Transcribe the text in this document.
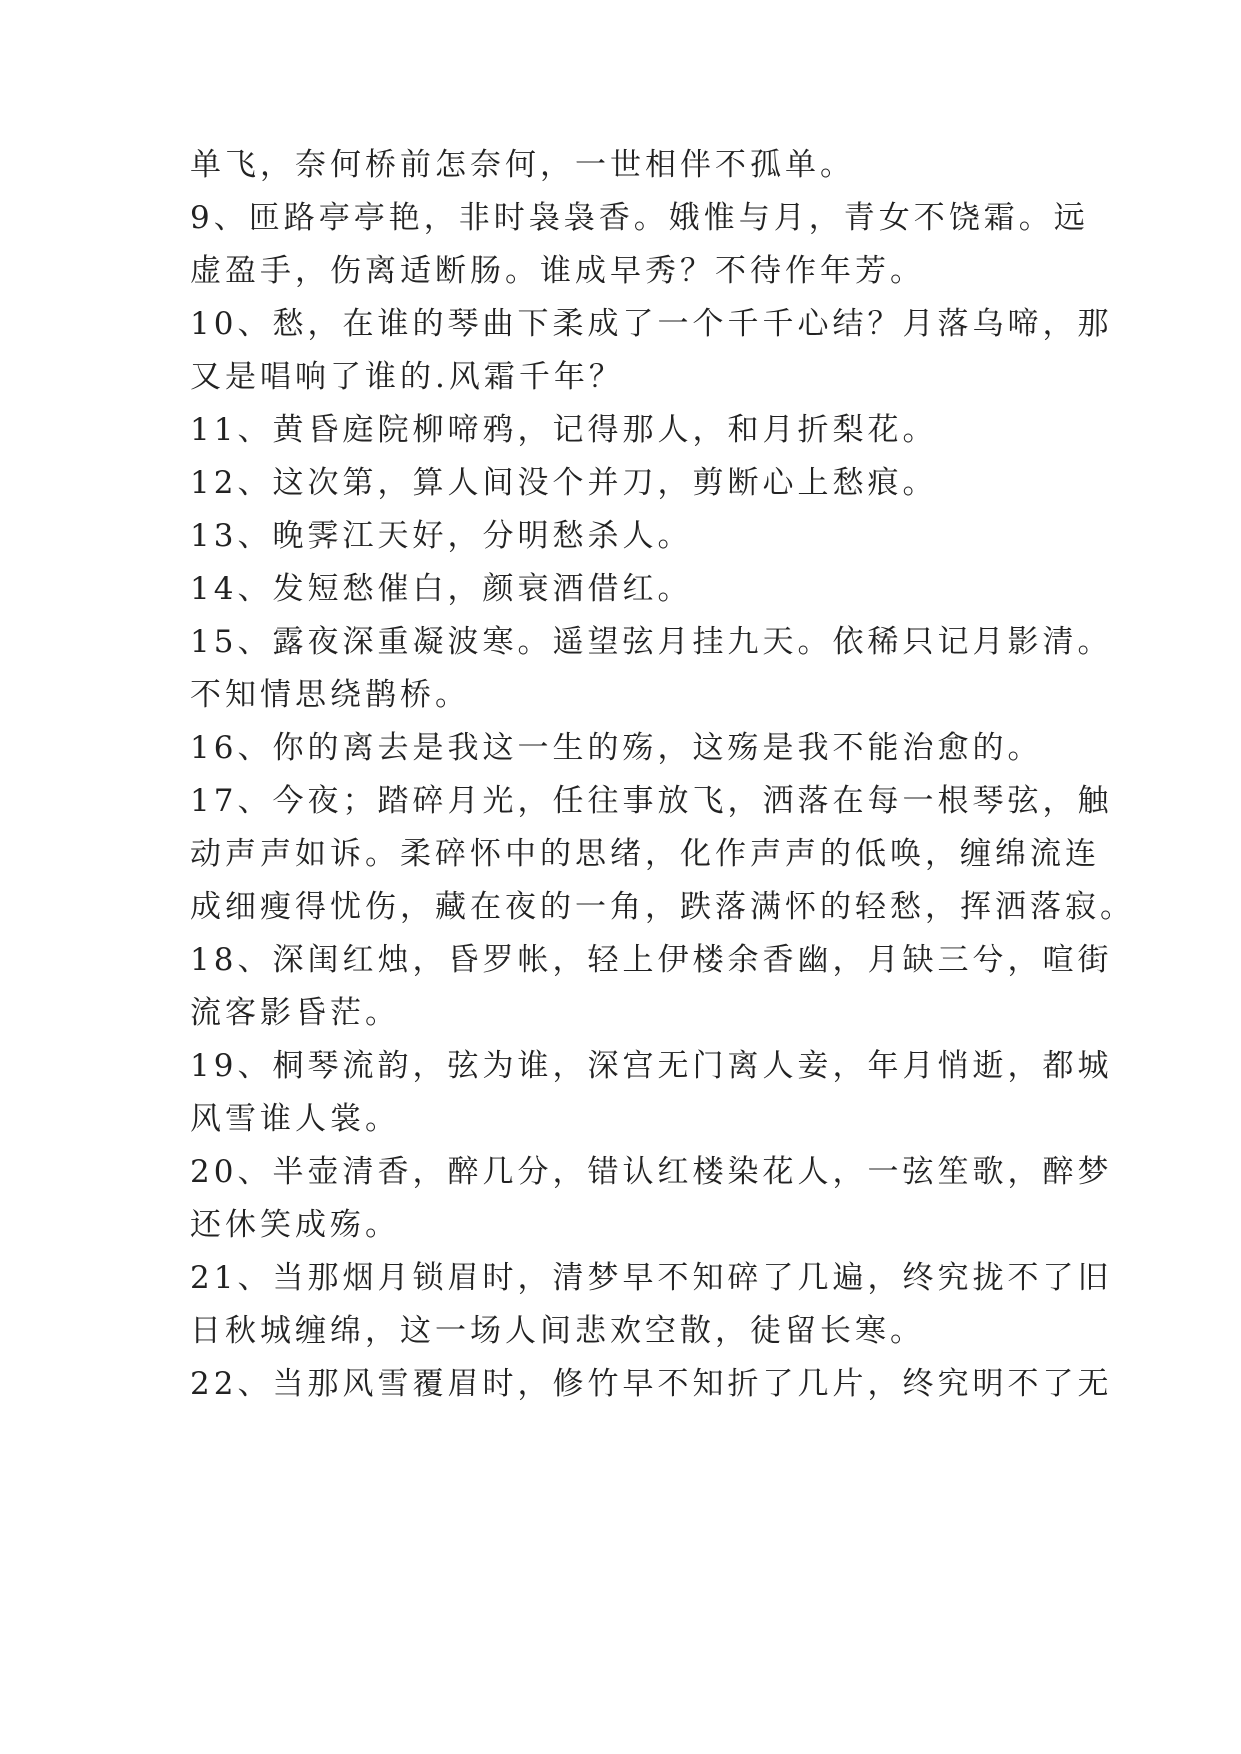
单飞，奈何桥前怎奈何，一世相伴不孤单。
9、匝路亭亭艳，非时袅袅香。娥惟与月，青女不饶霜。远
虚盈手，伤离适断肠。谁成早秀？不待作年芳。
10、愁，在谁的琴曲下柔成了一个千千心结？月落乌啼，那
又是唱响了谁的.风霜千年？
11、黄昏庭院柳啼鸦，记得那人，和月折梨花。
12、这次第，算人间没个并刀，剪断心上愁痕。
13、晚霁江天好，分明愁杀人。
14、发短愁催白，颜衰酒借红。
15、露夜深重凝波寒。遥望弦月挂九天。依稀只记月影清。
不知情思绕鹊桥。
16、你的离去是我这一生的殇，这殇是我不能治愈的。
17、今夜；踏碎月光，任往事放飞，洒落在每一根琴弦，触
动声声如诉。柔碎怀中的思绪，化作声声的低唤，缠绵流连
成细瘦得忧伤，藏在夜的一角，跌落满怀的轻愁，挥洒落寂。
18、深闺红烛，昏罗帐，轻上伊楼余香幽，月缺三兮，喧街
流客影昏茫。
19、桐琴流韵，弦为谁，深宫无门离人妾，年月悄逝，都城
风雪谁人裳。
20、半壶清香，醉几分，错认红楼染花人，一弦笙歌，醉梦
还休笑成殇。
21、当那烟月锁眉时，清梦早不知碎了几遍，终究拢不了旧
日秋城缠绵，这一场人间悲欢空散，徒留长寒。
22、当那风雪覆眉时，修竹早不知折了几片，终究明不了无
